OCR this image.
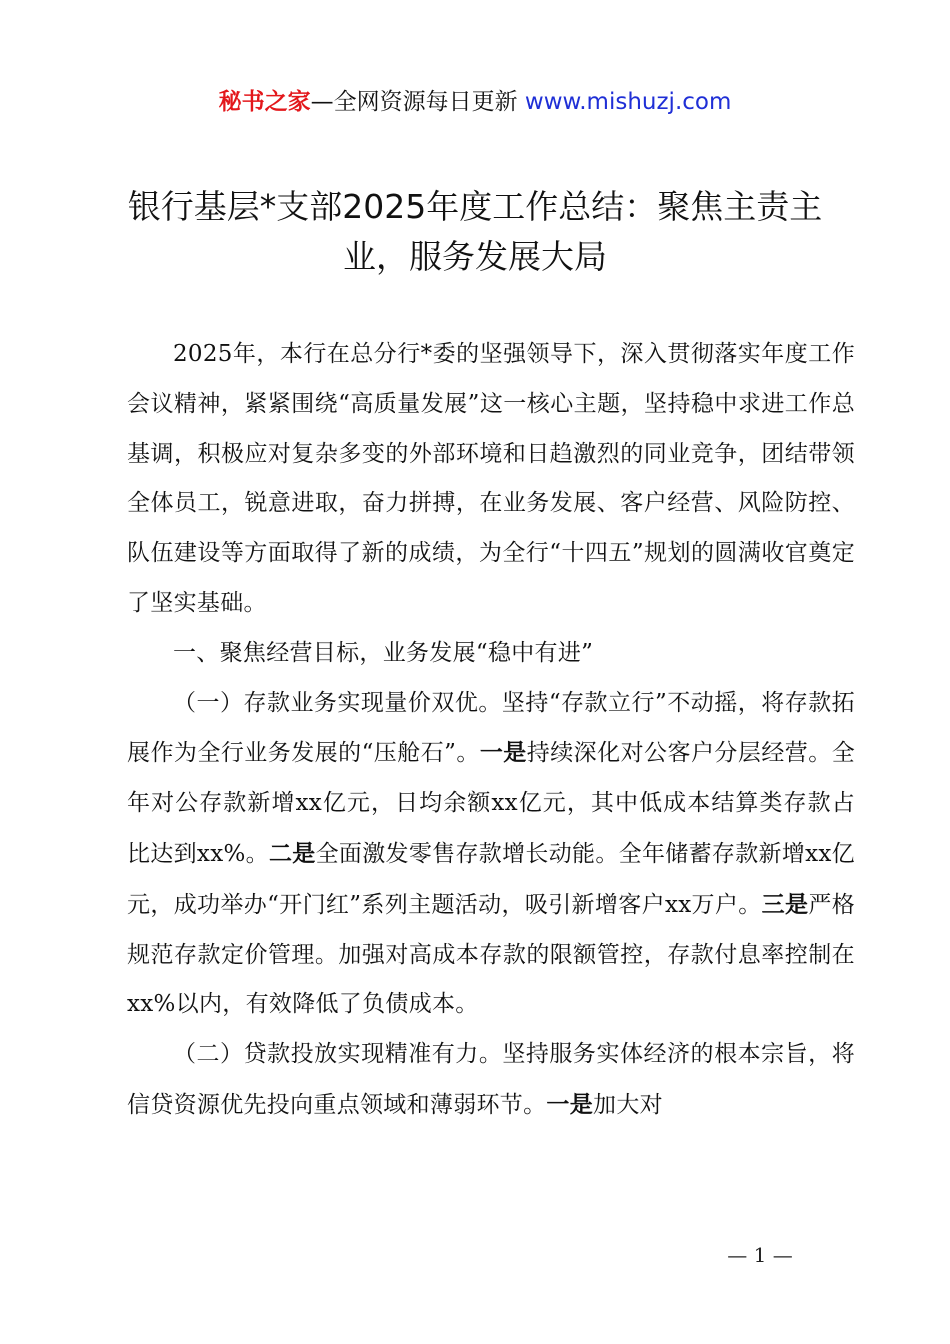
秘书之家—全网资源每日更新 www.mishuzj.com
银行基层*支部2025年度工作总结：聚焦主责主业，服务发展大局

2025年，本行在总分行*委的坚强领导下，深入贯彻落实年度工作会议精神，紧紧围绕“高质量发展”这一核心主题，坚持稳中求进工作总基调，积极应对复杂多变的外部环境和日趋激烈的同业竞争，团结带领全体员工，锐意进取，奋力拼搏，在业务发展、客户经营、风险防控、队伍建设等方面取得了新的成绩，为全行“十四五”规划的圆满收官奠定了坚实基础。

一、聚焦经营目标，业务发展“稳中有进”

（一）存款业务实现量价双优。坚持“存款立行”不动摇，将存款拓展作为全行业务发展的“压舱石”。一是持续深化对公客户分层经营。全年对公存款新增xx亿元，日均余额xx亿元，其中低成本结算类存款占比达到xx%。二是全面激发零售存款增长动能。全年储蓄存款新增xx亿元，成功举办“开门红”系列主题活动，吸引新增客户xx万户。三是严格规范存款定价管理。加强对高成本存款的限额管控，存款付息率控制在xx%以内，有效降低了负债成本。

（二）贷款投放实现精准有力。坚持服务实体经济的根本宗旨，将信贷资源优先投向重点领域和薄弱环节。一是加大对

— 1 —
